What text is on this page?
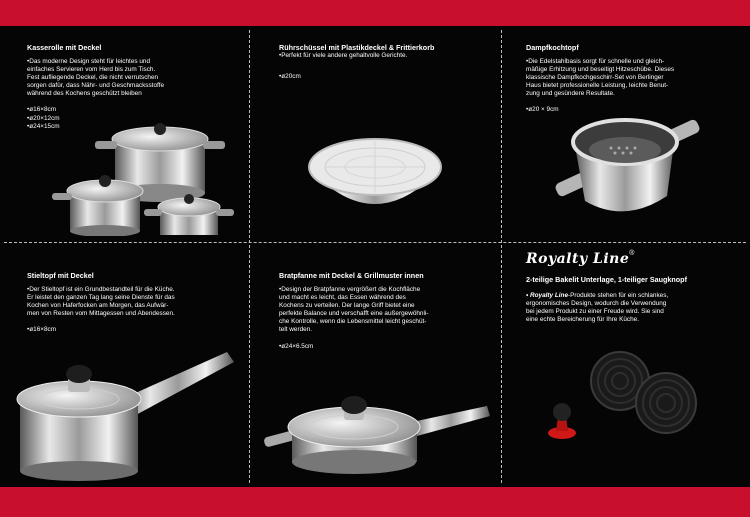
Kasserolle mit Deckel
•Das moderne Design steht für leichtes und
einfaches Servieren vom Herd bis zum Tisch.
Fest aufliegende Deckel, die nicht verrutschen
sorgen dafür, dass Nähr- und Geschmacksstoffe
während des Kochens geschützt bleiben
•ø16×8cm
•ø20×12cm
•ø24×15cm
Rührschüssel mit Plastikdeckel & Frittierkorb
•Perfekt für viele andere gehaltvolle Gerichte.
•ø20cm
Dampfkochtopf
•Die Edelstahlbasis sorgt für schnelle und gleich-
mäßige Erhitzung und beseitigt Hitzeschübe. Dieses
klassische Dampfkochgeschirr-Set von Berlinger
Haus bietet professionelle Leistung, leichte Benut-
zung und gesündere Resultate.
•ø20 × 9cm
Stieltopf mit Deckel
•Der Stieltopf ist ein Grundbestandteil für die Küche.
Er leistet den ganzen Tag lang seine Dienste für das
Kochen von Haferfocken am Morgen, das Aufwär-
men von Resten vom Mittagessen und Abendessen.
•ø16×8cm
Bratpfanne mit Deckel & Grillmuster innen
•Design der Bratpfanne vergrößert die Kochfläche
und macht es leicht, das Essen während des
Kochens zu verteilen. Der lange Griff bietet eine
perfekte Balance und verschafft eine außergewöhnli-
che Kontrolle, wenn die Lebensmittel leicht geschüt-
telt werden.
•ø24×6.5cm
Royalty Line®
2-teilige Bakelit Unterlage, 1-teiliger Saugknopf
• Royalty Line-Produkte stehen für ein schlankes,
ergonomisches Design, wodurch die Verwendung
bei jedem Produkt zu einer Freude wird. Sie sind
eine echte Bereicherung für Ihre Küche.
